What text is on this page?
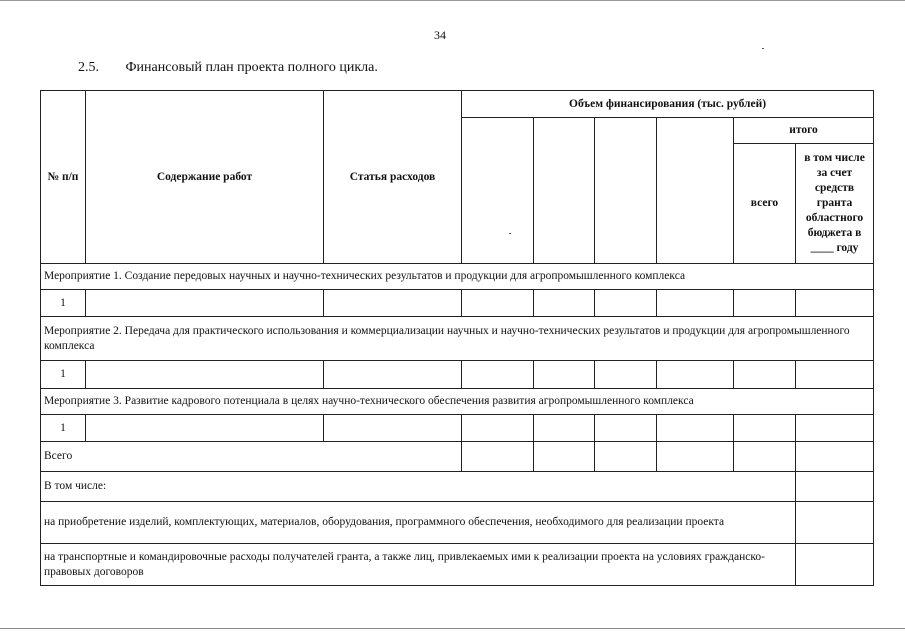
34
2.5. Финансовый план проекта полного цикла.
№ п/п	Содержание работ	Статья расходов	Объем финансирования (тыс. рублей)					
							итого	
							всего	в том числе за счет средств гранта областного бюджета в ____ году
Мероприятие 1. Создание передовых научных и научно-технических результатов и продукции для агропромышленного комплекса								
1								
Мероприятие 2. Передача для практического использования и коммерциализации научных и научно-технических результатов и продукции для агропромышленного комплекса								
1								
Мероприятие 3. Развитие кадрового потенциала в целях научно-технического обеспечения развития агропромышленного комплекса								
1								
Всего								
В том числе:								
на приобретение изделий, комплектующих, материалов, оборудования, программного обеспечения, необходимого для реализации проекта								
на транспортные и командировочные расходы получателей гранта, а также лиц, привлекаемых ими к реализации проекта на условиях гражданско-правовых договоров								
